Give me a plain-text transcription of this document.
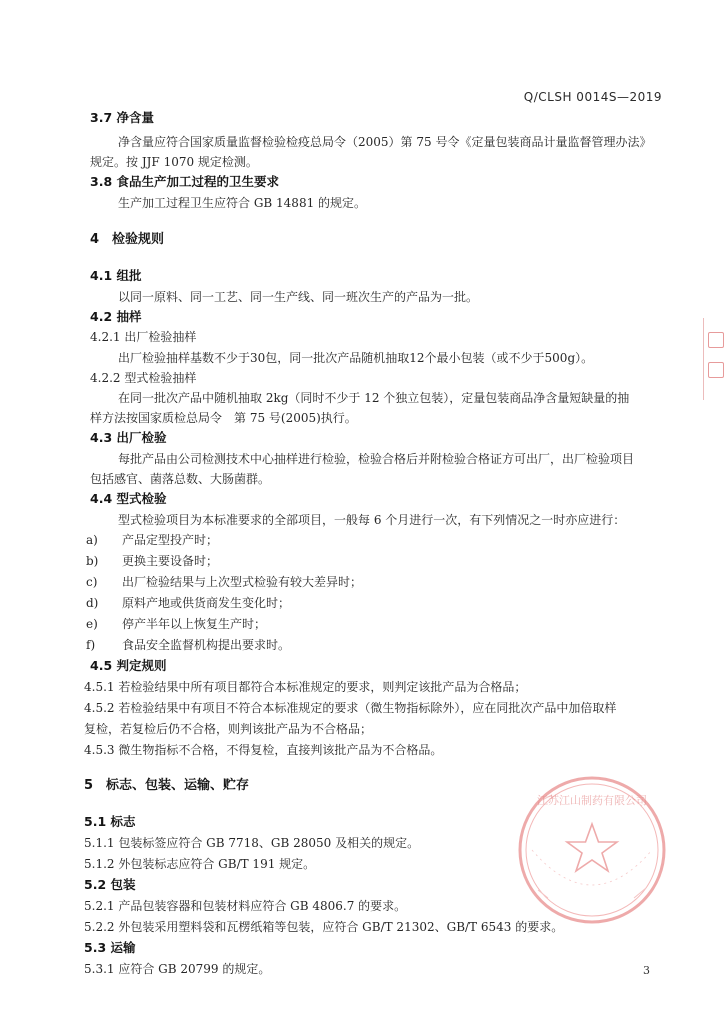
Q/CLSH 0014S—2019
3.7 净含量
净含量应符合国家质量监督检验检疫总局令（2005）第 75 号令《定量包装商品计量监督管理办法》
规定。按 JJF 1070 规定检测。
3.8 食品生产加工过程的卫生要求
生产加工过程卫生应符合 GB 14881 的规定。
4　检验规则
4.1 组批
以同一原料、同一工艺、同一生产线、同一班次生产的产品为一批。
4.2 抽样
4.2.1 出厂检验抽样
出厂检验抽样基数不少于30包，同一批次产品随机抽取12个最小包装（或不少于500g）。
4.2.2 型式检验抽样
在同一批次产品中随机抽取 2kg（同时不少于 12 个独立包装），定量包装商品净含量短缺量的抽
样方法按国家质检总局令　第 75 号(2005)执行。
4.3 出厂检验
每批产品由公司检测技术中心抽样进行检验，检验合格后并附检验合格证方可出厂，出厂检验项目
包括感官、菌落总数、大肠菌群。
4.4 型式检验
型式检验项目为本标准要求的全部项目，一般每 6 个月进行一次，有下列情况之一时亦应进行：
a) 产品定型投产时；
b) 更换主要设备时；
c) 出厂检验结果与上次型式检验有较大差异时；
d) 原料产地或供货商发生变化时；
e) 停产半年以上恢复生产时；
f) 食品安全监督机构提出要求时。
4.5 判定规则
4.5.1 若检验结果中所有项目都符合本标准规定的要求，则判定该批产品为合格品；
4.5.2 若检验结果中有项目不符合本标准规定的要求（微生物指标除外），应在同批次产品中加倍取样
复检，若复检后仍不合格，则判该批产品为不合格品；
4.5.3 微生物指标不合格，不得复检，直接判该批产品为不合格品。
5　标志、包装、运输、贮存
5.1 标志
5.1.1 包装标签应符合 GB 7718、GB 28050 及相关的规定。
5.1.2 外包装标志应符合 GB/T 191 规定。
5.2 包装
5.2.1 产品包装容器和包装材料应符合 GB 4806.7 的要求。
5.2.2 外包装采用塑料袋和瓦楞纸箱等包装，应符合 GB/T 21302、GB/T 6543 的要求。
5.3 运输
5.3.1 应符合 GB 20799 的规定。
江苏江山制药有限公司
3
